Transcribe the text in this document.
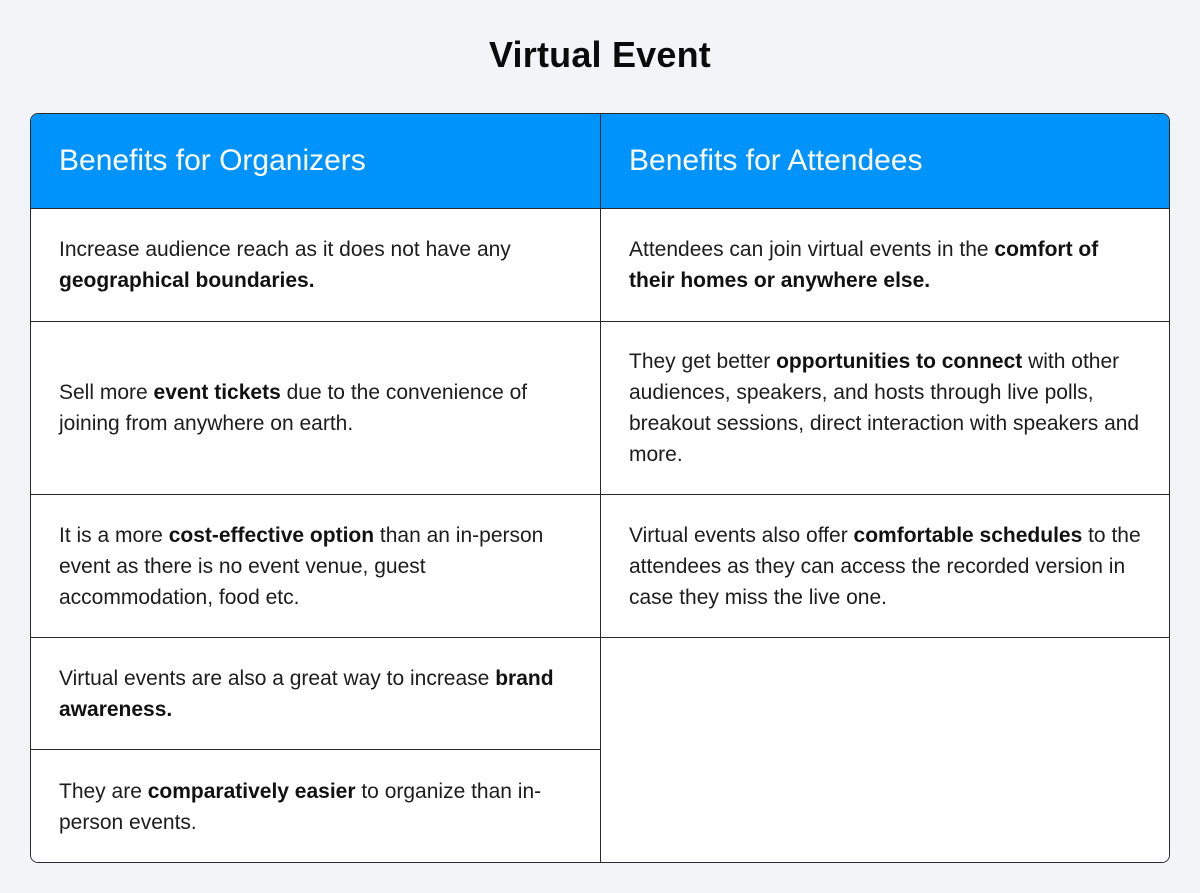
Virtual Event
Benefits for Organizers	Benefits for Attendees
Increase audience reach as it does not have any geographical boundaries.
Sell more event tickets due to the convenience of joining from anywhere on earth.
It is a more cost-effective option than an in-person event as there is no event venue, guest accommodation, food etc.
Virtual events are also a great way to increase brand awareness.
They are comparatively easier to organize than in-person events.
Attendees can join virtual events in the comfort of their homes or anywhere else.
They get better opportunities to connect with other audiences, speakers, and hosts through live polls, breakout sessions, direct interaction with speakers and more.
Virtual events also offer comfortable schedules to the attendees as they can access the recorded version in case they miss the live one.
